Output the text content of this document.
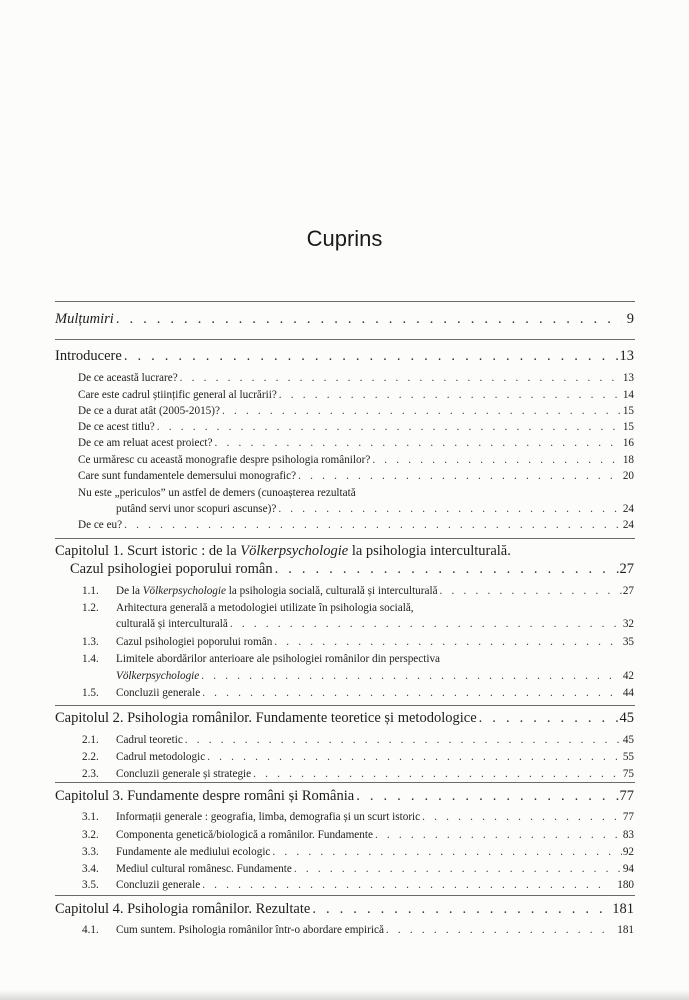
Cuprins
Mulțumiri . . .	9
Introducere . . .	13
De ce această lucrare? . . .	13
Care este cadrul științific general al lucrării? . . .	14
De ce a durat atât (2005-2015)? . . .	15
De ce acest titlu? . . .	15
De ce am reluat acest proiect? . . .	16
Ce urmăresc cu această monografie despre psihologia românilor? . . .	18
Care sunt fundamentele demersului monografic? . . .	20
Nu este „periculos” un astfel de demers (cunoașterea rezultată
putând servi unor scopuri ascunse)? . . .	24
De ce eu? . . .	24
Capitolul 1. Scurt istoric : de la Völkerpsychologie la psihologia interculturală.
Cazul psihologiei poporului român . . .	27
1.1. De la Völkerpsychologie la psihologia socială, culturală și interculturală . . .	27
1.2. Arhitectura generală a metodologiei utilizate în psihologia socială,
culturală și interculturală . . .	32
1.3. Cazul psihologiei poporului român . . .	35
1.4. Limitele abordărilor anterioare ale psihologiei românilor din perspectiva
Völkerpsychologie . . .	42
1.5. Concluzii generale . . .	44
Capitolul 2. Psihologia românilor. Fundamente teoretice și metodologice . . .	45
2.1. Cadrul teoretic . . .	45
2.2. Cadrul metodologic . . .	55
2.3. Concluzii generale și strategie . . .	75
Capitolul 3. Fundamente despre români și România . . .	77
3.1. Informații generale : geografia, limba, demografia și un scurt istoric . . .	77
3.2. Componenta genetică/biologică a românilor. Fundamente . . .	83
3.3. Fundamente ale mediului ecologic . . .	92
3.4. Mediul cultural românesc. Fundamente . . .	94
3.5. Concluzii generale . . .	180
Capitolul 4. Psihologia românilor. Rezultate . . .	181
4.1. Cum suntem. Psihologia românilor într-o abordare empirică . . .	181
